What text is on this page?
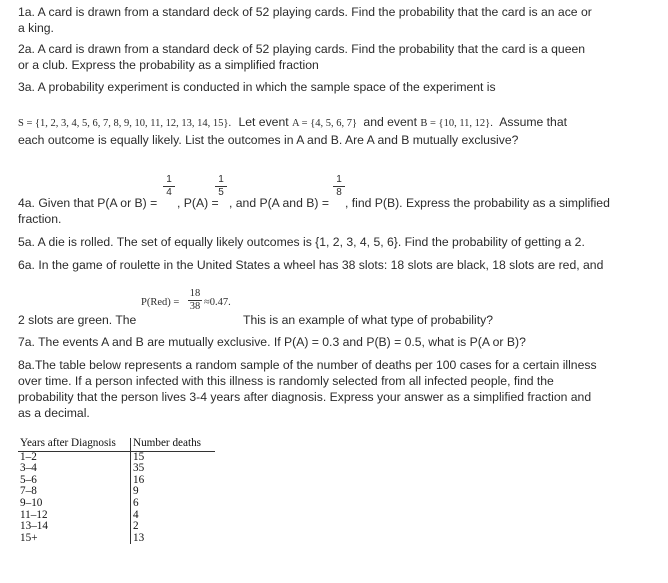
1a. A card is drawn from a standard deck of 52 playing cards. Find the probability that the card is an ace or
a king.
2a. A card is drawn from a standard deck of 52 playing cards. Find the probability that the card is a queen
or a club. Express the probability as a simplified fraction
3a. A probability experiment is conducted in which the sample space of the experiment is
S = {1, 2, 3, 4, 5, 6, 7, 8, 9, 10, 11, 12, 13, 14, 15}. Let event A = {4, 5, 6, 7} and event B = {10, 11, 12}. Assume that
each outcome is equally likely. List the outcomes in A and B. Are A and B mutually exclusive?
4a. Given that P(A or B) =
1
4
, P(A) =
1
5
, and P(A and B) =
1
8
, find P(B). Express the probability as a simplified
fraction.
5a. A die is rolled. The set of equally likely outcomes is {1, 2, 3, 4, 5, 6}. Find the probability of getting a 2.
6a. In the game of roulette in the United States a wheel has 38 slots: 18 slots are black, 18 slots are red, and
P(Red) =
18
38 ≈0.47.
2 slots are green. The	This is an example of what type of probability?
7a. The events A and B are mutually exclusive. If P(A) = 0.3 and P(B) = 0.5, what is P(A or B)?
8a.The table below represents a random sample of the number of deaths per 100 cases for a certain illness
over time. If a person infected with this illness is randomly selected from all infected people, find the
probability that the person lives 3-4 years after diagnosis. Express your answer as a simplified fraction and
as a decimal.
Years after Diagnosis	Number deaths
1–2	15
3–4	35
5–6	16
7–8	9
9–10	6
11–12	4
13–14	2
15+	13
